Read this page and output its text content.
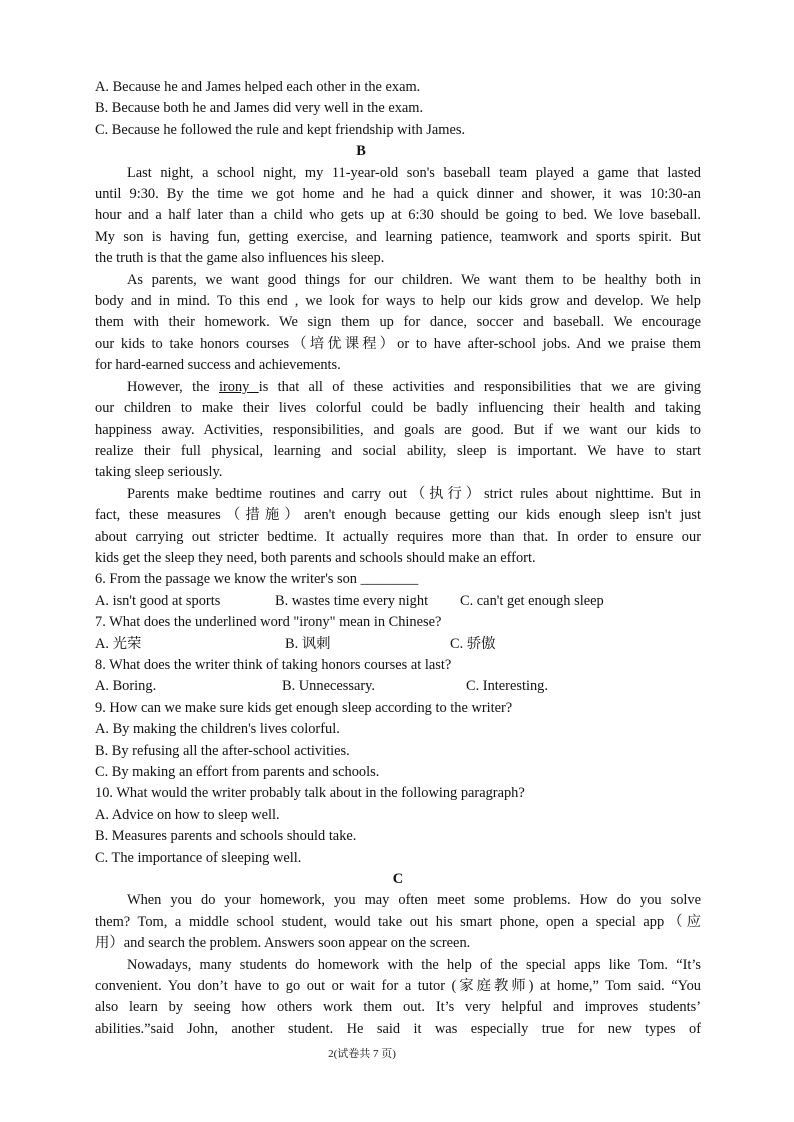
A. Because he and James helped each other in the exam.
B. Because both he and James did very well in the exam.
C. Because he followed the rule and kept friendship with James.
B
Last night, a school night, my 11-year-old son's baseball team played a game that lasted
until 9:30. By the time we got home and he had a quick dinner and shower, it was 10:30-an
hour and a half later than a child who gets up at 6:30 should be going to bed. We love baseball.
My son is having fun, getting exercise, and learning patience, teamwork and sports spirit. But
the truth is that the game also influences his sleep.
As parents, we want good things for our children. We want them to be healthy both in
body and in mind. To this end , we look for ways to help our kids grow and develop. We help
them with their homework. We sign them up for dance, soccer and baseball. We encourage
our kids to take honors courses（培优课程）or to have after-school jobs. And we praise them
for hard-earned success and achievements.
However, the irony is that all of these activities and responsibilities that we are giving
our children to make their lives colorful could be badly influencing their health and taking
happiness away. Activities, responsibilities, and goals are good. But if we want our kids to
realize their full physical, learning and social ability, sleep is important. We have to start
taking sleep seriously.
Parents make bedtime routines and carry out（执行）strict rules about nighttime. But in
fact, these measures（措施）aren't enough because getting our kids enough sleep isn't just
about carrying out stricter bedtime. It actually requires more than that. In order to ensure our
kids get the sleep they need, both parents and schools should make an effort.
6. From the passage we know the writer's son ________
A. isn't good at sports	B. wastes time every night	C. can't get enough sleep
7. What does the underlined word "irony" mean in Chinese?
A. 光荣	B. 讽刺	C. 骄傲
8. What does the writer think of taking honors courses at last?
A. Boring.	B. Unnecessary.	C. Interesting.
9. How can we make sure kids get enough sleep according to the writer?
A. By making the children's lives colorful.
B. By refusing all the after-school activities.
C. By making an effort from parents and schools.
10. What would the writer probably talk about in the following paragraph?
A. Advice on how to sleep well.
B. Measures parents and schools should take.
C. The importance of sleeping well.
C
When you do your homework, you may often meet some problems. How do you solve
them? Tom, a middle school student, would take out his smart phone, open a special app（应
用）and search the problem. Answers soon appear on the screen.
Nowadays, many students do homework with the help of the special apps like Tom. “It’s
convenient. You don’t have to go out or wait for a tutor (家庭教师) at home,” Tom said. “You
also learn by seeing how others work them out. It’s very helpful and improves students’
abilities.”said John, another student. He said it was especially true for new types of
2(试卷共 7 页)
